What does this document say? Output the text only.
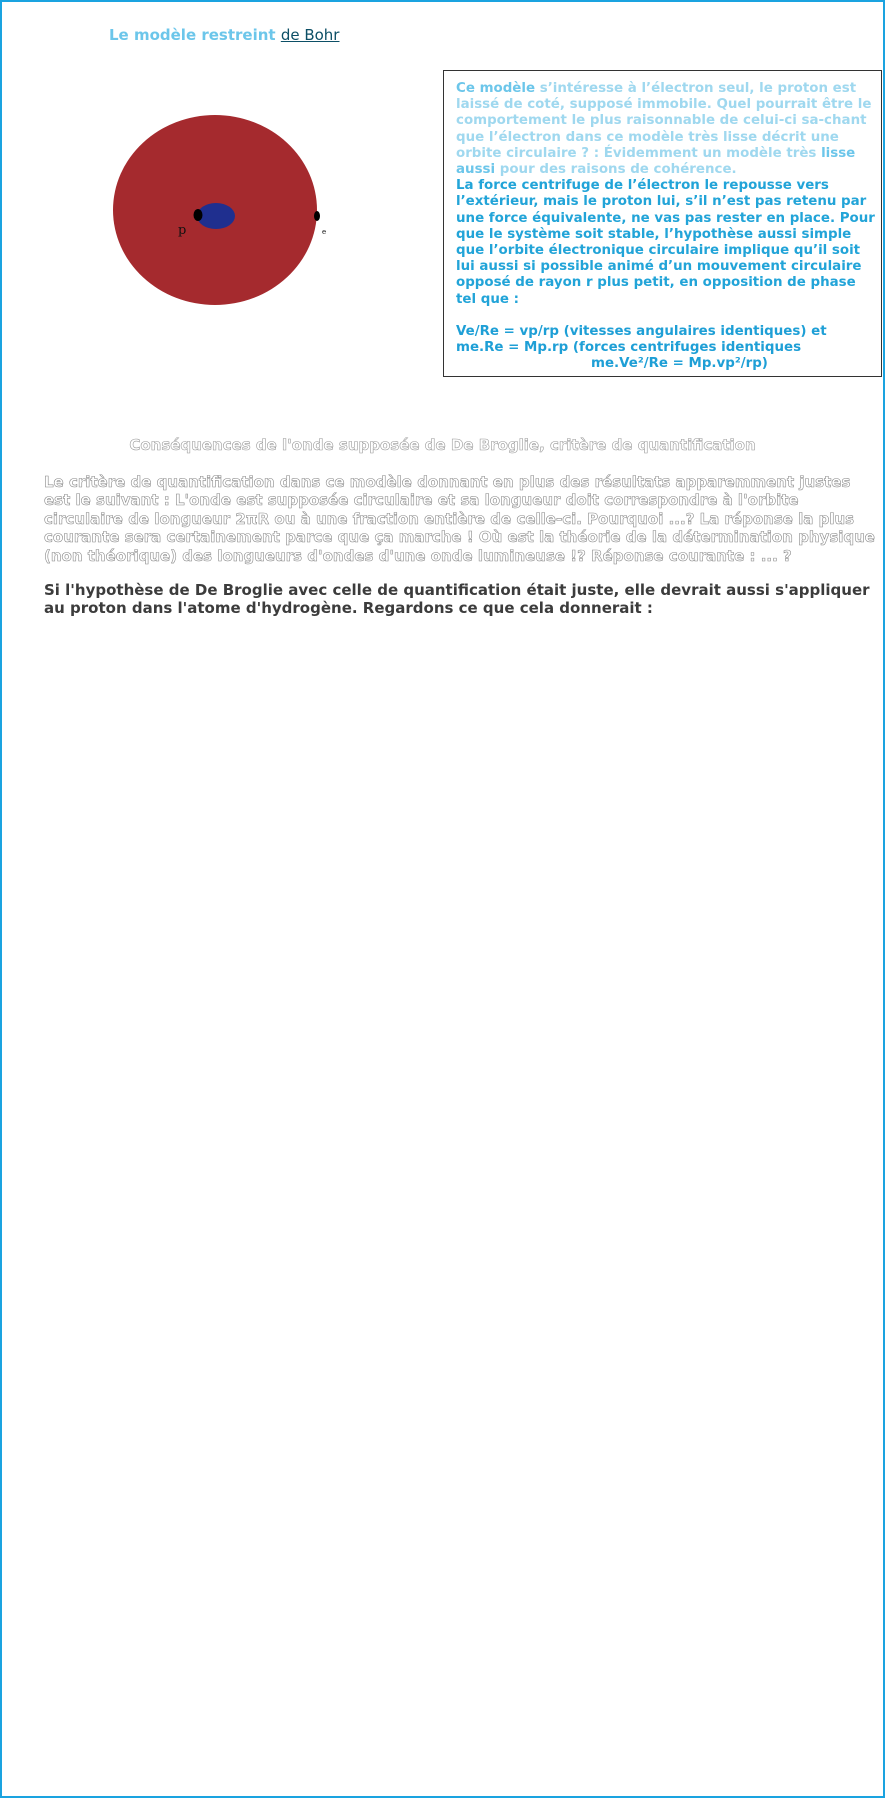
Le modèle restreint de Bohr
p	e

Ce modèle s’intéresse à l’électron seul, le proton est laissé de coté, supposé immobile. Quel pourrait être le comportement le plus raisonnable de celui-ci sa-chant que l’électron dans ce modèle très lisse décrit une orbite circulaire ? : Évidemment un modèle très lisse aussi pour des raisons de cohérence.

La force centrifuge de l’électron le repousse vers l’extérieur, mais le proton lui, s’il n’est pas retenu par une force équivalente, ne vas pas rester en place. Pour que le système soit stable, l’hypothèse aussi simple que l’orbite électronique circulaire implique qu’il soit lui aussi si possible animé d’un mouvement circulaire opposé de rayon r plus petit, en opposition de phase tel que :

Ve/Re = vp/rp (vitesses angulaires identiques) et

me.Re = Mp.rp (forces centrifuges identiques

me.Ve²/Re = Mp.vp²/rp)

Conséquences de l'onde supposée de De Broglie, critère de quantification
Le critère de quantification dans ce modèle donnant en plus des résultats apparemment justes est le suivant : L'onde est supposée circulaire et sa longueur doit correspondre à l'orbite circulaire de longueur 2πR ou à une fraction entière de celle-ci. Pourquoi ...? La réponse la plus courante sera certainement parce que ça marche ! Où est la théorie de la détermination physique (non théorique) des longueurs d'ondes d'une onde lumineuse !? Réponse courante : ... ?
Si l'hypothèse de De Broglie avec celle de quantification était juste, elle devrait aussi s'appliquer au proton dans l'atome d'hydrogène. Regardons ce que cela donnerait :
